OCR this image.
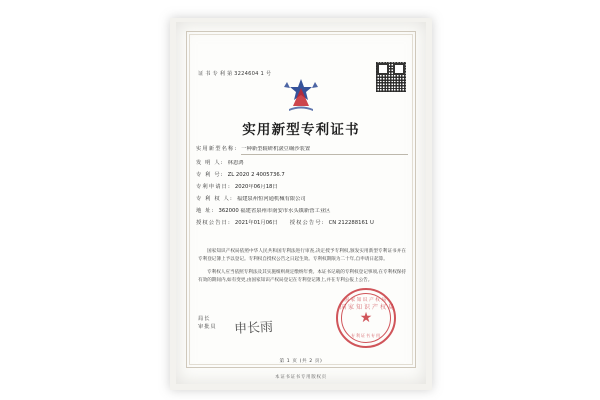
证 书 专 利 第 3224604 1 号
实用新型专利证书
实用新型名称: 一种新型辊研机滚豆碾沙装置
发 明 人: 林恩鸿
专 利 号: ZL 2020 2 4005736.7
专利申请日: 2020年06月18日
专 利 权 人: 福建泉州恒河通机械有限公司
地 址: 362000 福建省泉州市南安市水头镇新营工业区
授权公告日: 2021年01月06日 授权公告号: CN 212288161 U

国家知识产权局依照中华人民共和国专利法进行审查,决定授予专利权,颁发实用新型专利证书并在专利登记簿上予以登记。专利权自授权公告之日起生效。专利权期限为二十年,自申请日起算。

专利权人应当依照专利法及其实施细则规定缴纳年费。本证书记载的专利权登记事项,在专利权保持有效的期间内,如有变更,由国家知识产权局登记在专利登记簿上,并在专利公报上公告。

局长
审批员 申长雨
国家知识产权局
国家知识产权局
★
专利证书专用
第 1 页 (共 2 页)
本证书证书专用版权页
